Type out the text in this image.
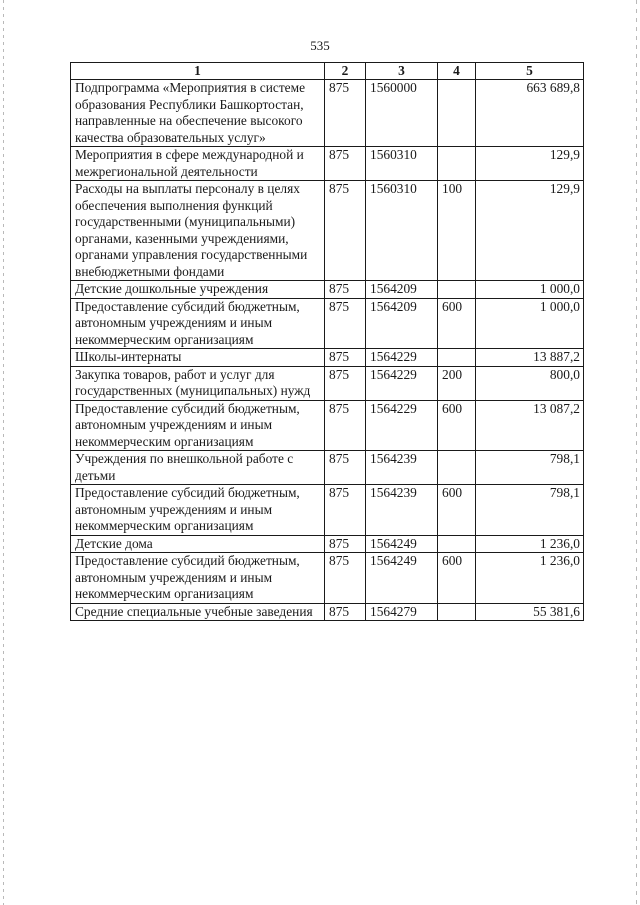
535
1	2	3	4	5
Подпрограмма «Мероприятия в системе образования Республики Башкортостан, направленные на обеспечение высокого качества образовательных услуг»	875	1560000		663 689,8
Мероприятия в сфере международной и межрегиональной деятельности	875	1560310		129,9
Расходы на выплаты персоналу в целях обеспечения выполнения функций государственными (муниципальными) органами, казенными учреждениями, органами управления государственными внебюджетными фондами	875	1560310	100	129,9
Детские дошкольные учреждения	875	1564209		1 000,0
Предоставление субсидий бюджетным, автономным учреждениям и иным некоммерческим организациям	875	1564209	600	1 000,0
Школы-интернаты	875	1564229		13 887,2
Закупка товаров, работ и услуг для государственных (муниципальных) нужд	875	1564229	200	800,0
Предоставление субсидий бюджетным, автономным учреждениям и иным некоммерческим организациям	875	1564229	600	13 087,2
Учреждения по внешкольной работе с детьми	875	1564239		798,1
Предоставление субсидий бюджетным, автономным учреждениям и иным некоммерческим организациям	875	1564239	600	798,1
Детские дома	875	1564249		1 236,0
Предоставление субсидий бюджетным, автономным учреждениям и иным некоммерческим организациям	875	1564249	600	1 236,0
Средние специальные учебные заведения	875	1564279		55 381,6
